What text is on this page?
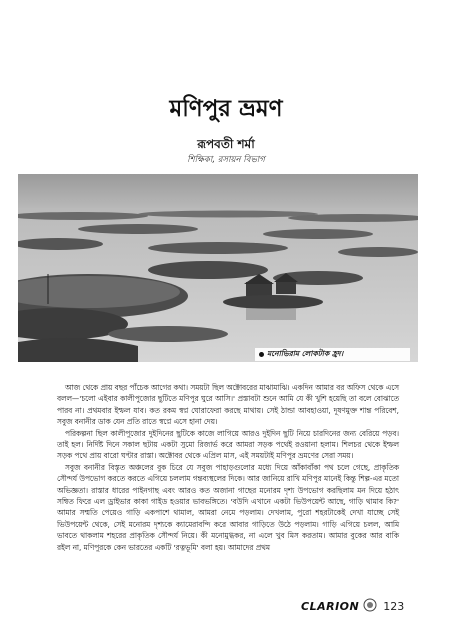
মণিপুর ভ্রমণ
রূপবতী শর্মা
শিক্ষিকা, রসায়ন বিভাগ
মনোভিরাম লোকটাক হ্রদ।

আজ থেকে প্রায় বছর পাঁচেক আগের কথা। সময়টা ছিল অক্টোবরের মাঝামাঝি। একদিন আমার বর অফিস থেকে এসে বলল—'চলো এইবার কালীপুজোর ছুটিতে মণিপুর ঘুরে আসি।' প্রস্তাবটা শুনে আমি যে কী খুশি হয়েছি তা বলে বোঝাতে পারব না। প্রথমবার ইম্ফল যাব। কত রকম স্বপ্ন ঘোরাফেরা করছে মাথায়। সেই ঠান্ডা আবহাওয়া, দূষণমুক্ত শান্ত পরিবেশ, সবুজ বনানীর ডাক যেন প্রতি রাতে স্বপ্নে এসে হানা দেয়।

পরিকল্পনা ছিল কালীপুজোর দুইদিনের ছুটিকে কাজে লাগিয়ে আরও দুইদিন ছুটি নিয়ে চারদিনের জন্য বেরিয়ে পড়ব। তাই হল। নির্দিষ্ট দিনে সকাল ছটায় একটা সুমো রিজার্ভ করে আমরা সড়ক পথেই রওয়ানা হলাম। শিলচর থেকে ইম্ফল সড়ক পথে প্রায় বারো ঘণ্টার রাস্তা। অক্টোবর থেকে এপ্রিল মাস, এই সময়টাই মণিপুর ভ্রমণের সেরা সময়।

সবুজ বনানীর বিস্তৃত অঞ্চলের বুক চিরে যে সবুজ পাহাড়গুলোর মধ্যে দিয়ে আঁকাবাঁকা পথ চলে গেছে, প্রাকৃতিক সৌন্দর্য উপভোগ করতে করতে এগিয়ে চললাম গন্তব্যস্থলের দিকে। আর জানিয়ে রাখি মণিপুর মানেই কিন্তু শিল্প-এর মতো অভিজ্ঞতা। রাস্তার ধারের পাইনগাছ এবং আরও কত অজানা গাছের মনোরম দৃশ্য উপভোগ করছিলাম মন দিয়ে হঠাৎ সম্বিত ফিরে এল ড্রাইভার কাকা গাইড হওয়ার ভাবভঙ্গিতে। 'বউদি এখানে একটা ভিউপয়েন্ট আছে, গাড়ি থামাব কি?' আমার সম্মতি পেয়েও গাড়ি একপাশে থামাল, আমরা নেমে পড়লাম। দেখলাম, পুরো শহরটাকেই দেখা যাচ্ছে সেই ভিউপয়েন্ট থেকে, সেই মনোরম দৃশ্যকে ক্যামেরাবন্দি করে আবার গাড়িতে উঠে পড়লাম। গাড়ি এগিয়ে চলল, আমি ভাবতে থাকলাম শহরের প্রাকৃতিক সৌন্দর্য নিয়ে। কী মনোমুগ্ধকর, না এলে খুব মিস করতাম। আমার বুকের আর বাকি রইল না, মণিপুরকে কেন ভারতের একটি 'রত্নভূমি' বলা হয়। আমাদের প্রথম

CLARION 123
